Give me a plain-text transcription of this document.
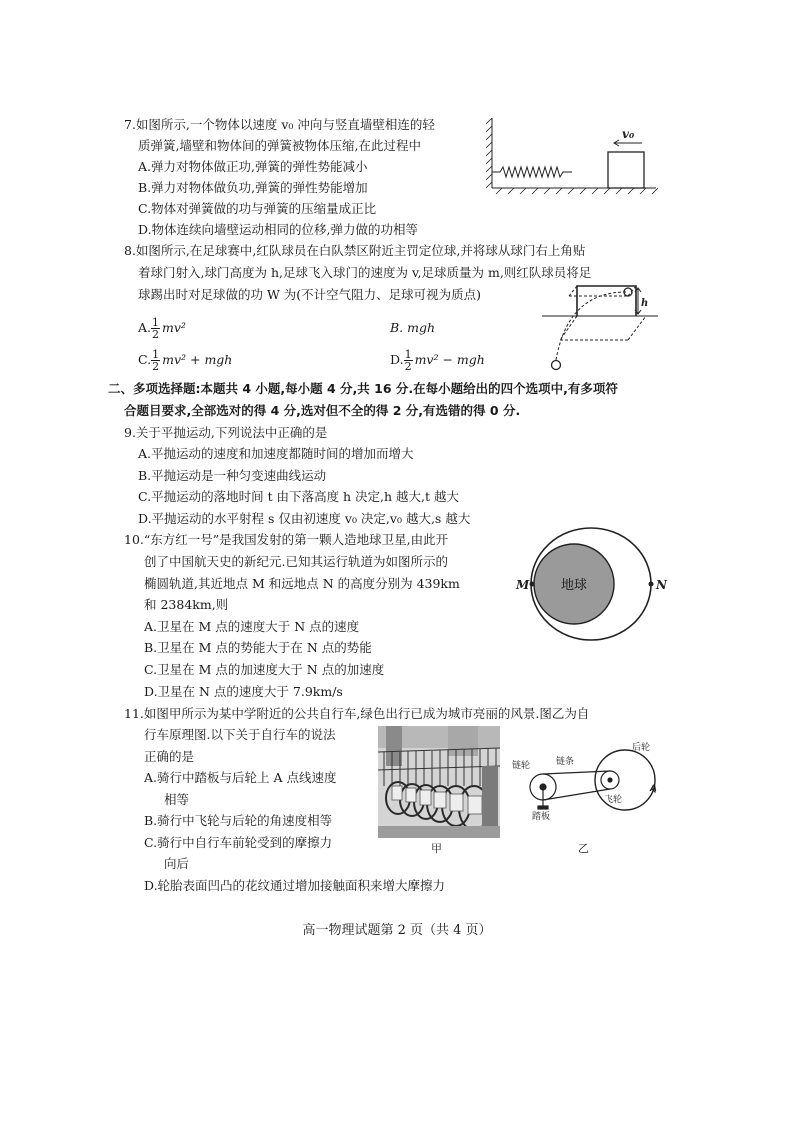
7.如图所示,一个物体以速度 v₀ 冲向与竖直墙壁相连的轻
质弹簧,墙壁和物体间的弹簧被物体压缩,在此过程中
A.弹力对物体做正功,弹簧的弹性势能减小
B.弹力对物体做负功,弹簧的弹性势能增加
C.物体对弹簧做的功与弹簧的压缩量成正比
D.物体连续向墙壁运动相同的位移,弹力做的功相等
v₀
8.如图所示,在足球赛中,红队球员在白队禁区附近主罚定位球,并将球从球门右上角贴
着球门射入,球门高度为 h,足球飞入球门的速度为 v,足球质量为 m,则红队球员将足
球踢出时对足球做的功 W 为(不计空气阻力、足球可视为质点)
A. $\frac{1}{2} mv^2$	B. mgh
C. $\frac{1}{2} mv^2$ + mgh	D. $\frac{1}{2} mv^2$ − mgh
h
二、多项选择题:本题共 4 小题,每小题 4 分,共 16 分.在每小题给出的四个选项中,有多项符
合题目要求,全部选对的得 4 分,选对但不全的得 2 分,有选错的得 0 分.
9.关于平抛运动,下列说法中正确的是
A.平抛运动的速度和加速度都随时间的增加而增大
B.平抛运动是一种匀变速曲线运动
C.平抛运动的落地时间 t 由下落高度 h 决定,h 越大,t 越大
D.平抛运动的水平射程 s 仅由初速度 v₀ 决定,v₀ 越大,s 越大
10.“东方红一号”是我国发射的第一颗人造地球卫星,由此开
创了中国航天史的新纪元.已知其运行轨道为如图所示的
椭圆轨道,其近地点 M 和远地点 N 的高度分别为 439km
和 2384km,则
A.卫星在 M 点的速度大于 N 点的速度
B.卫星在 M 点的势能大于在 N 点的势能
C.卫星在 M 点的加速度大于 N 点的加速度
D.卫星在 N 点的速度大于 7.9km/s
地球
M	N
11.如图甲所示为某中学附近的公共自行车,绿色出行已成为城市亮丽的风景.图乙为自
行车原理图.以下关于自行车的说法
正确的是
A.骑行中踏板与后轮上 A 点线速度
相等
B.骑行中飞轮与后轮的角速度相等
C.骑行中自行车前轮受到的摩擦力
向后
D.轮胎表面凹凸的花纹通过增加接触面积来增大摩擦力
甲
链轮	链条
后轮
飞轮
踏板
A
乙
高一物理试题第 2 页（共 4 页）
